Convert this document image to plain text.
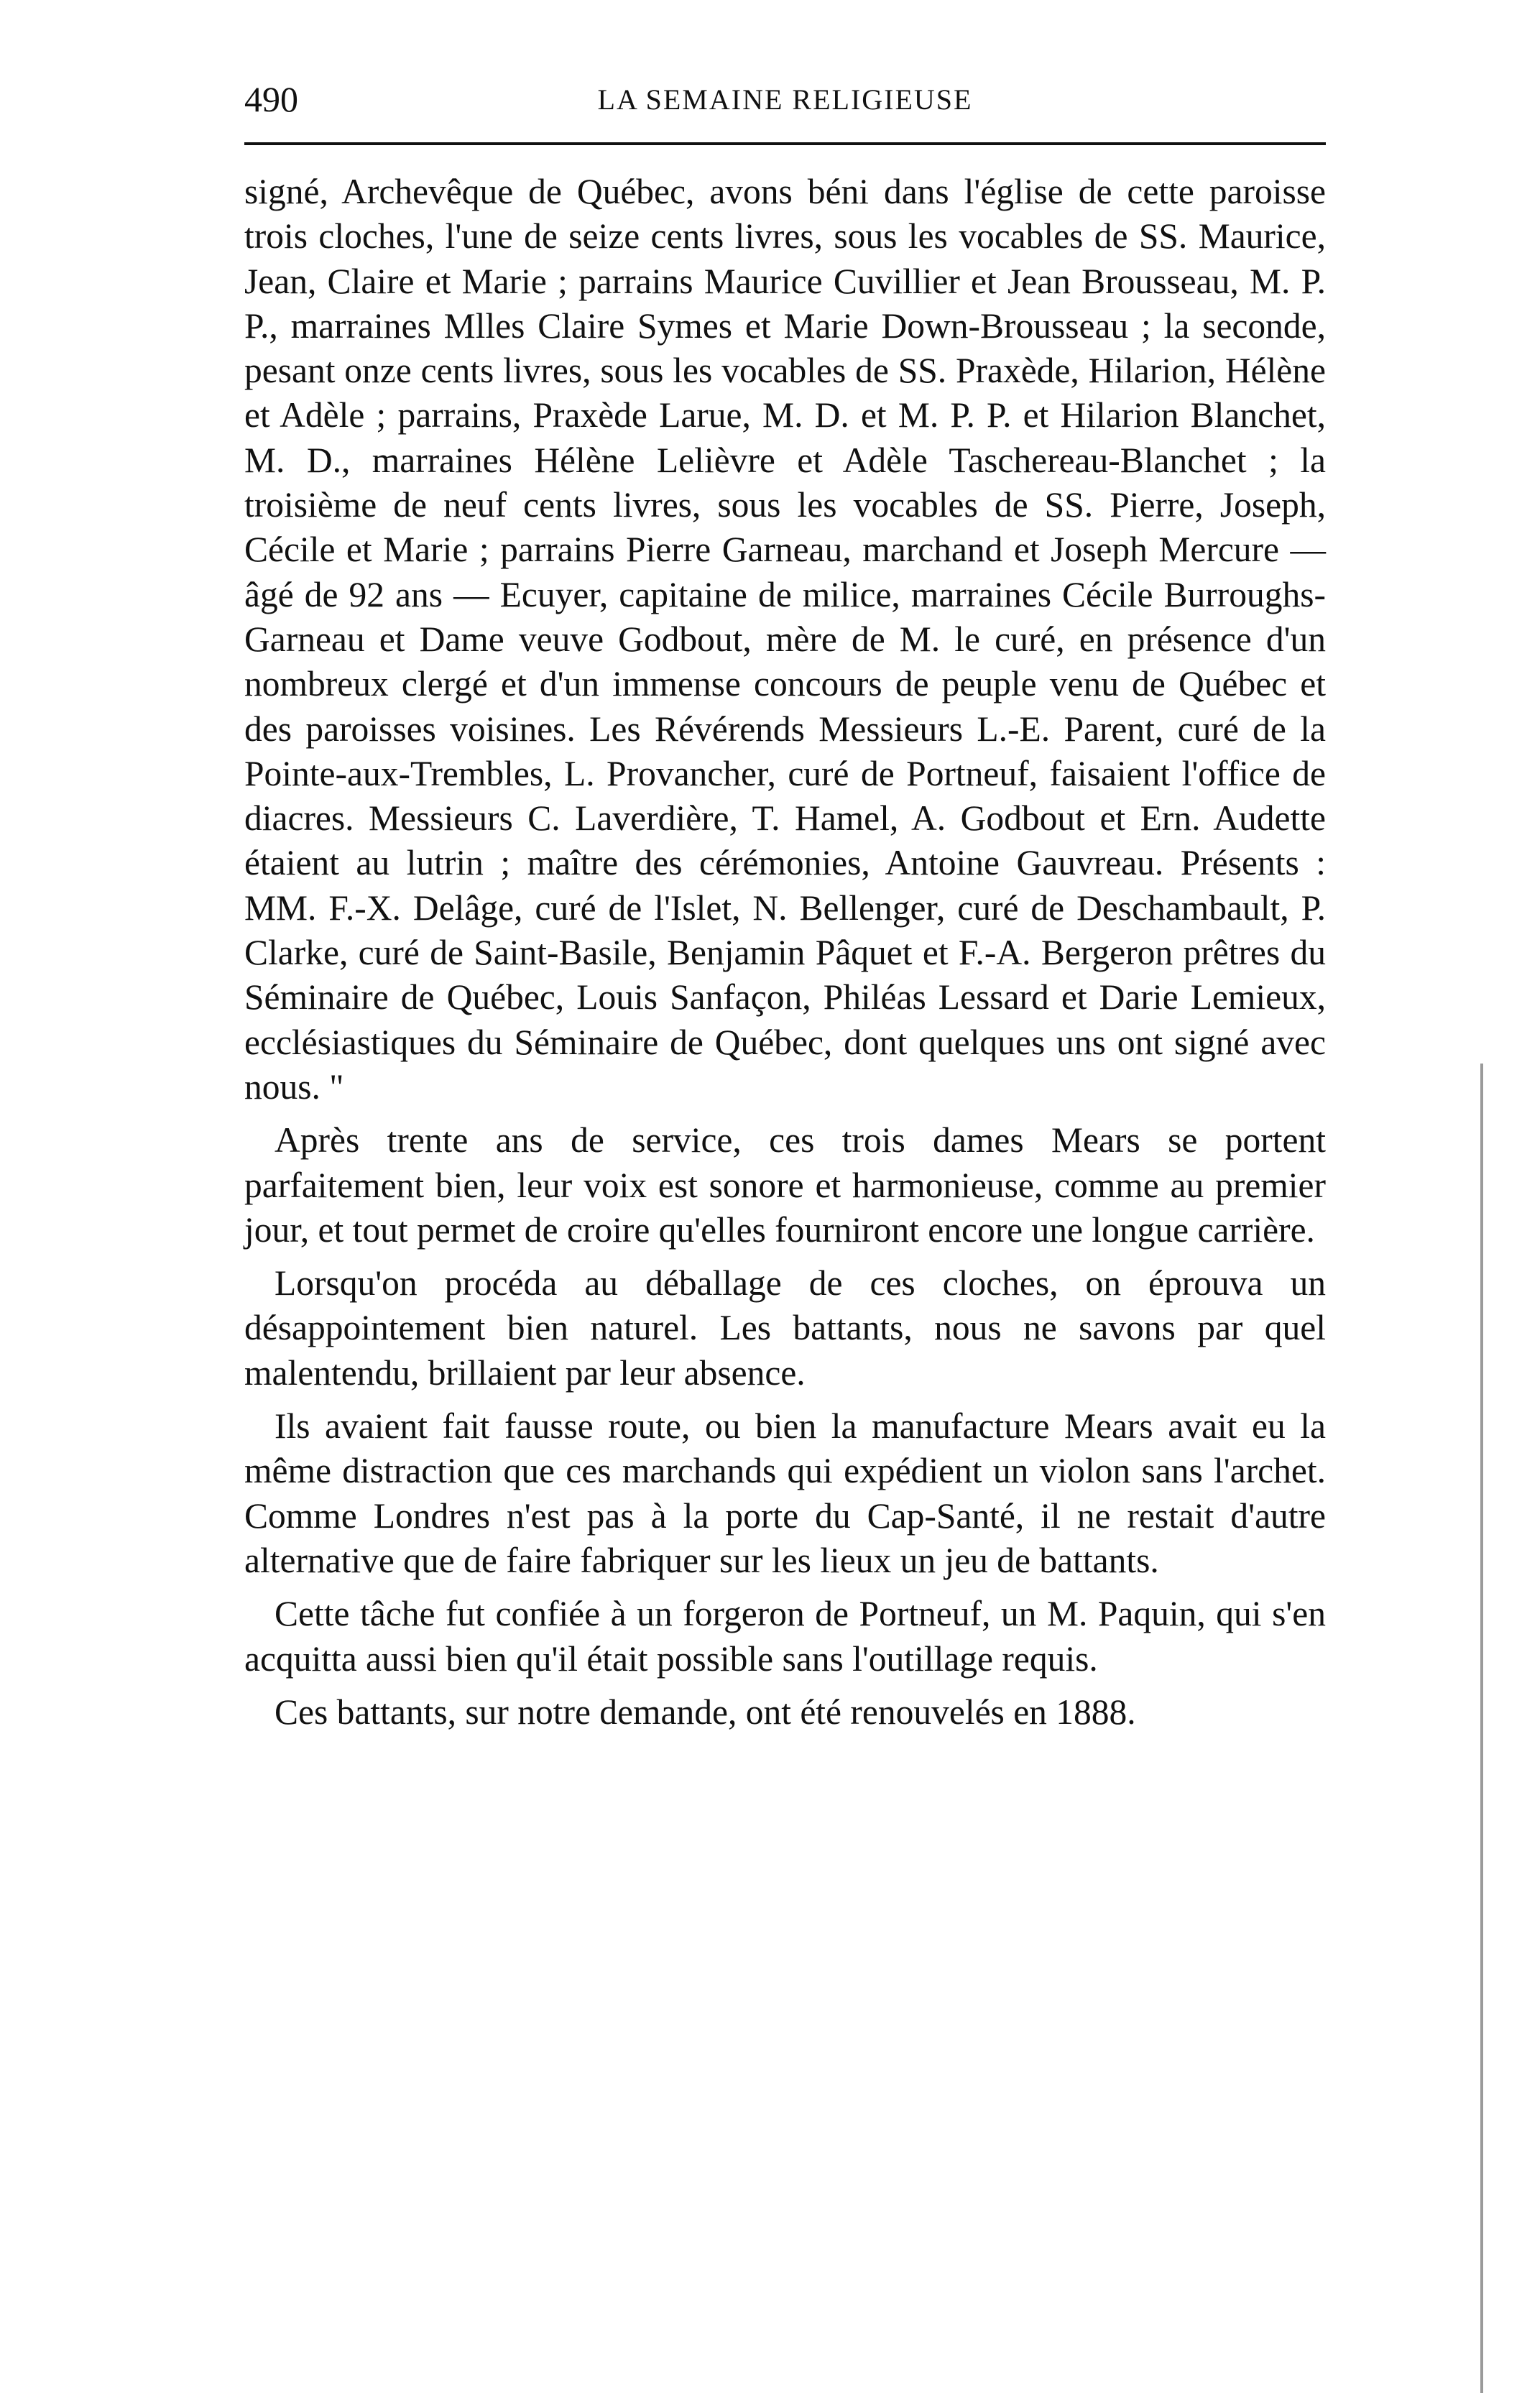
490	LA SEMAINE RELIGIEUSE

signé, Archevêque de Québec, avons béni dans l'église de cette paroisse trois cloches, l'une de seize cents livres, sous les vocables de SS. Maurice, Jean, Claire et Marie ; parrains Maurice Cuvillier et Jean Brousseau, M. P. P., marraines Mlles Claire Symes et Marie Down-Brousseau ; la seconde, pesant onze cents livres, sous les vocables de SS. Praxède, Hilarion, Hélène et Adèle ; parrains, Praxède Larue, M. D. et M. P. P. et Hilarion Blanchet, M. D., marraines Hélène Lelièvre et Adèle Taschereau-Blanchet ; la troisième de neuf cents livres, sous les vocables de SS. Pierre, Joseph, Cécile et Marie ; parrains Pierre Garneau, marchand et Joseph Mercure — âgé de 92 ans — Ecuyer, capitaine de milice, marraines Cécile Burroughs-Garneau et Dame veuve Godbout, mère de M. le curé, en présence d'un nombreux clergé et d'un immense concours de peuple venu de Québec et des paroisses voisines. Les Révérends Messieurs L.-E. Parent, curé de la Pointe-aux-Trembles, L. Provancher, curé de Portneuf, faisaient l'office de diacres. Messieurs C. Laverdière, T. Hamel, A. Godbout et Ern. Audette étaient au lutrin ; maître des cérémonies, Antoine Gauvreau. Présents : MM. F.-X. Delâge, curé de l'Islet, N. Bellenger, curé de Deschambault, P. Clarke, curé de Saint-Basile, Benjamin Pâquet et F.-A. Bergeron prêtres du Séminaire de Québec, Louis Sanfaçon, Philéas Lessard et Darie Lemieux, ecclésiastiques du Séminaire de Québec, dont quelques uns ont signé avec nous. "

Après trente ans de service, ces trois dames Mears se portent parfaitement bien, leur voix est sonore et harmonieuse, comme au premier jour, et tout permet de croire qu'elles fourniront encore une longue carrière.

Lorsqu'on procéda au déballage de ces cloches, on éprouva un désappointement bien naturel. Les battants, nous ne savons par quel malentendu, brillaient par leur absence.

Ils avaient fait fausse route, ou bien la manufacture Mears avait eu la même distraction que ces marchands qui expédient un violon sans l'archet. Comme Londres n'est pas à la porte du Cap-Santé, il ne restait d'autre alternative que de faire fabriquer sur les lieux un jeu de battants.

Cette tâche fut confiée à un forgeron de Portneuf, un M. Paquin, qui s'en acquitta aussi bien qu'il était possible sans l'outillage requis.

Ces battants, sur notre demande, ont été renouvelés en 1888.
